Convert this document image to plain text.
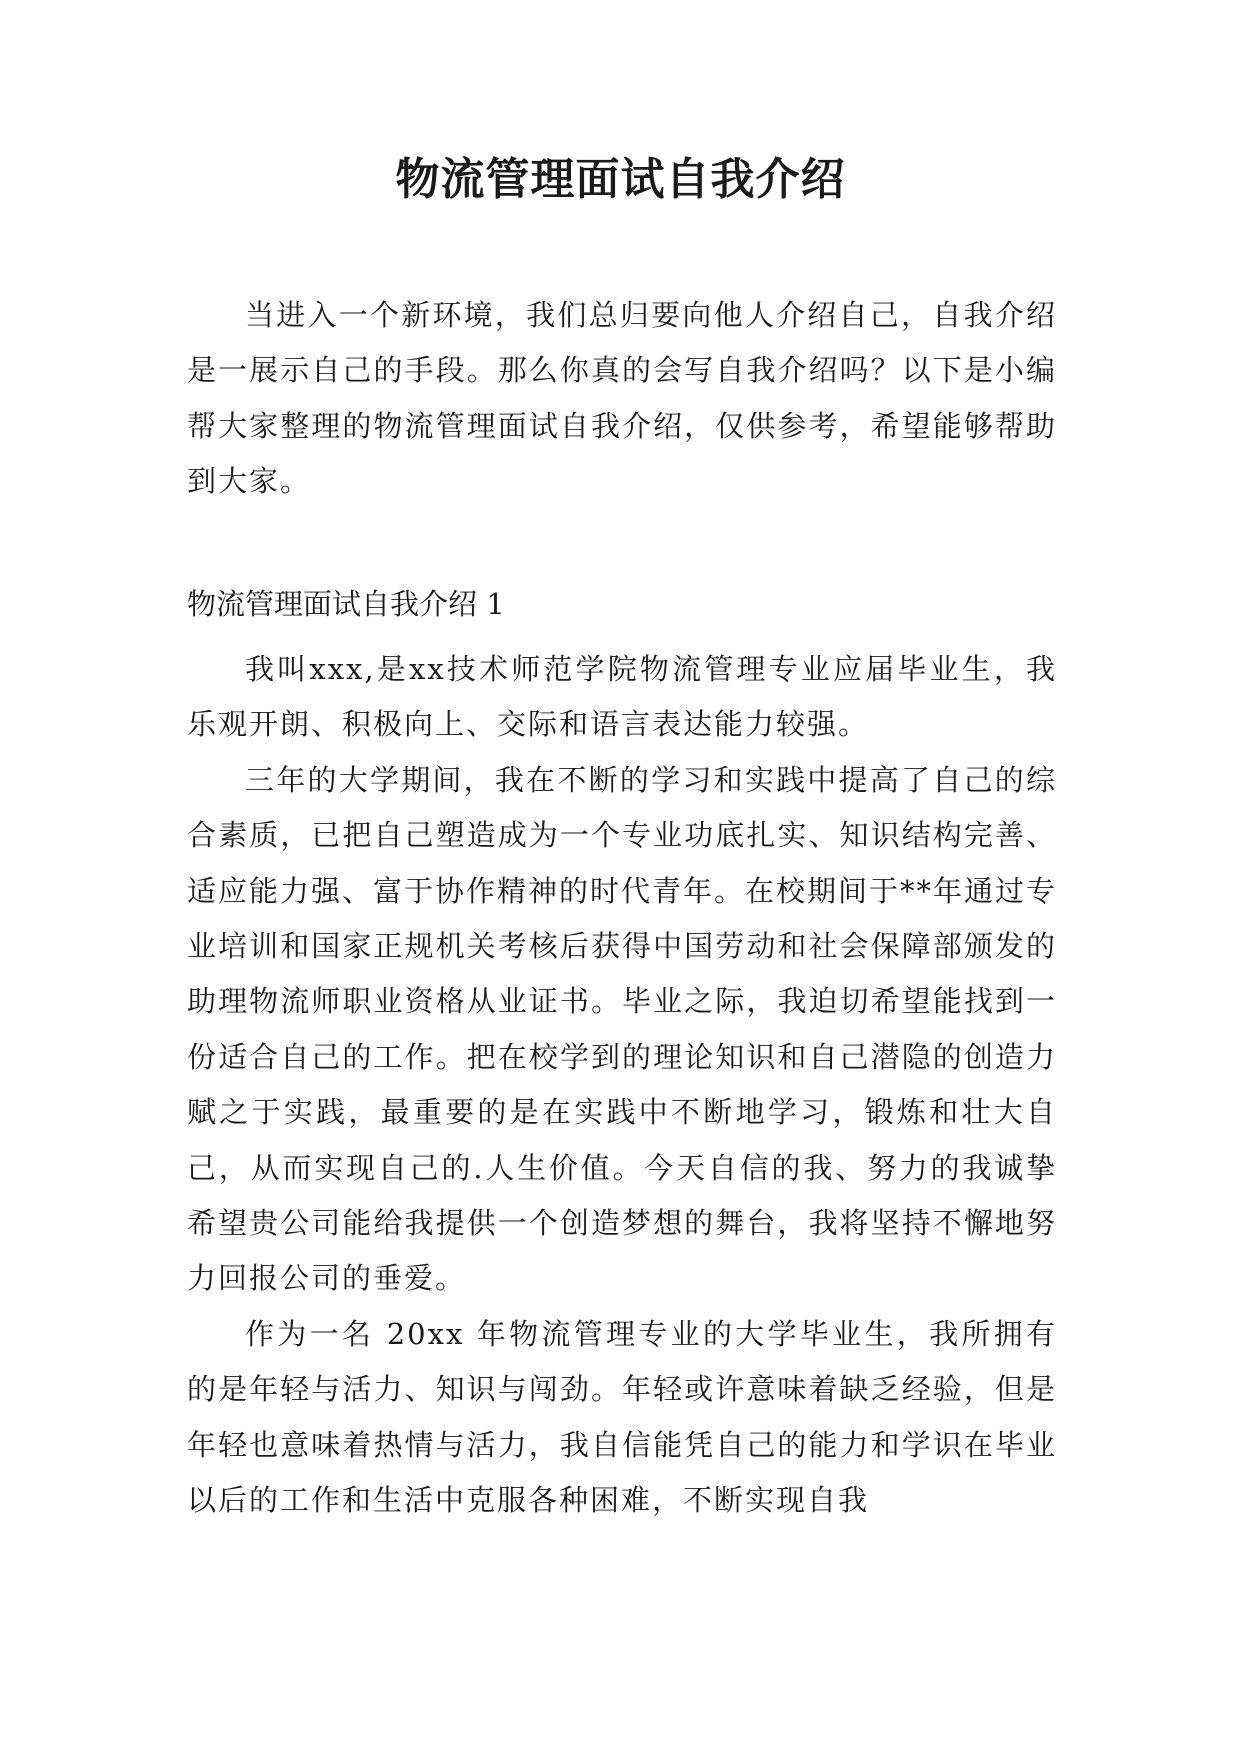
物流管理面试自我介绍

当进入一个新环境，我们总归要向他人介绍自己，自我介绍是一展示自己的手段。那么你真的会写自我介绍吗？以下是小编帮大家整理的物流管理面试自我介绍，仅供参考，希望能够帮助到大家。

物流管理面试自我介绍 1

我叫xxx,是xx技术师范学院物流管理专业应届毕业生，我乐观开朗、积极向上、交际和语言表达能力较强。

三年的大学期间，我在不断的学习和实践中提高了自己的综合素质，已把自己塑造成为一个专业功底扎实、知识结构完善、适应能力强、富于协作精神的时代青年。在校期间于**年通过专业培训和国家正规机关考核后获得中国劳动和社会保障部颁发的助理物流师职业资格从业证书。毕业之际，我迫切希望能找到一份适合自己的工作。把在校学到的理论知识和自己潜隐的创造力赋之于实践，最重要的是在实践中不断地学习，锻炼和壮大自己，从而实现自己的.人生价值。今天自信的我、努力的我诚挚希望贵公司能给我提供一个创造梦想的舞台，我将坚持不懈地努力回报公司的垂爱。

作为一名 20xx 年物流管理专业的大学毕业生，我所拥有的是年轻与活力、知识与闯劲。年轻或许意味着缺乏经验，但是年轻也意味着热情与活力，我自信能凭自己的能力和学识在毕业以后的工作和生活中克服各种困难，不断实现自我
